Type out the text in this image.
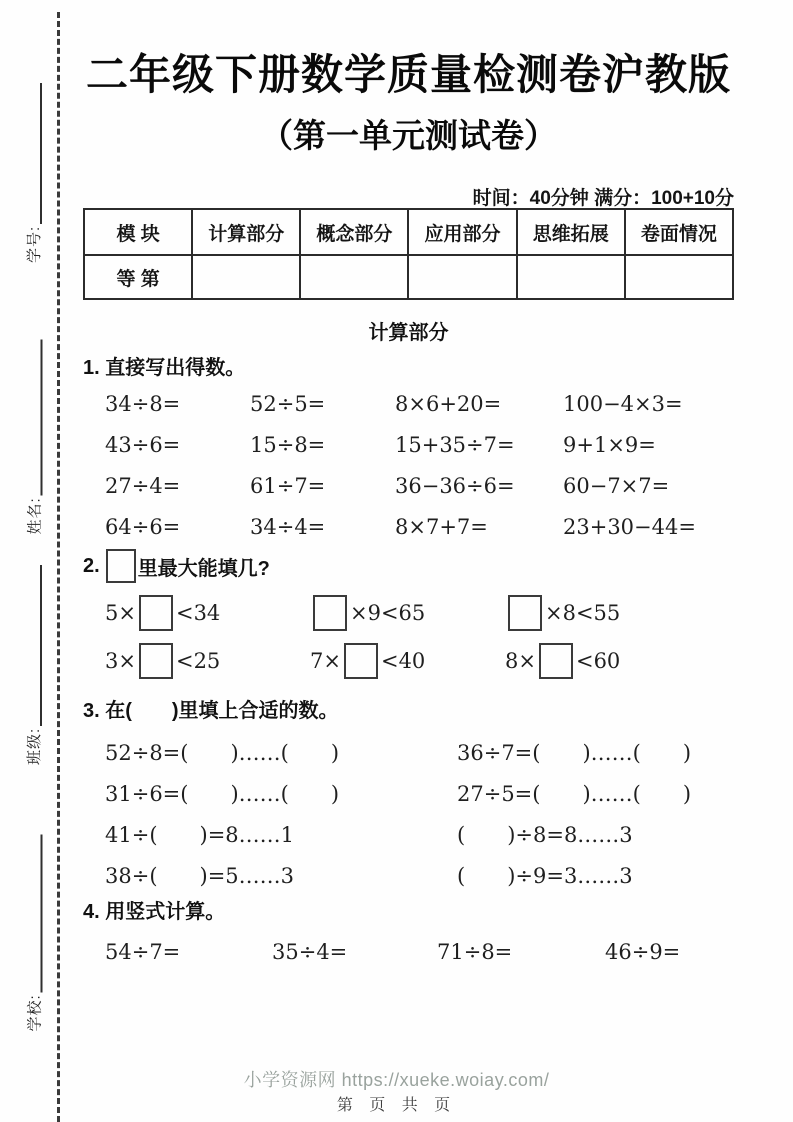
学号:
姓名:
班级:
学校:
二年级下册数学质量检测卷沪教版
（第一单元测试卷）
时间：40分钟 满分：100+10分
模 块	计算部分	概念部分	应用部分	思维拓展	卷面情况
等 第					
计算部分
1. 直接写出得数。
34÷8=	52÷5=	8×6+20=	100−4×3=
43÷6=	15÷8=	15+35÷7=	9+1×9=
27÷4=	61÷7=	36−36÷6=	60−7×7=
64÷6=	34÷4=	8×7+7=	23+30−44=
2. 里最大能填几?
5× <34	×9<65	×8<55
3× <25	7× <40	8× <60
3. 在(　　)里填上合适的数。
52÷8=(　　)……(　　)	36÷7=(　　)……(　　)
31÷6=(　　)……(　　)	27÷5=(　　)……(　　)
41÷(　　)=8……1	(　　)÷8=8……3
38÷(　　)=5……3	(　　)÷9=3……3
4. 用竖式计算。
54÷7=	35÷4=	71÷8=	46÷9=
小学资源网 https://xueke.woiay.com/
第 页 共 页
